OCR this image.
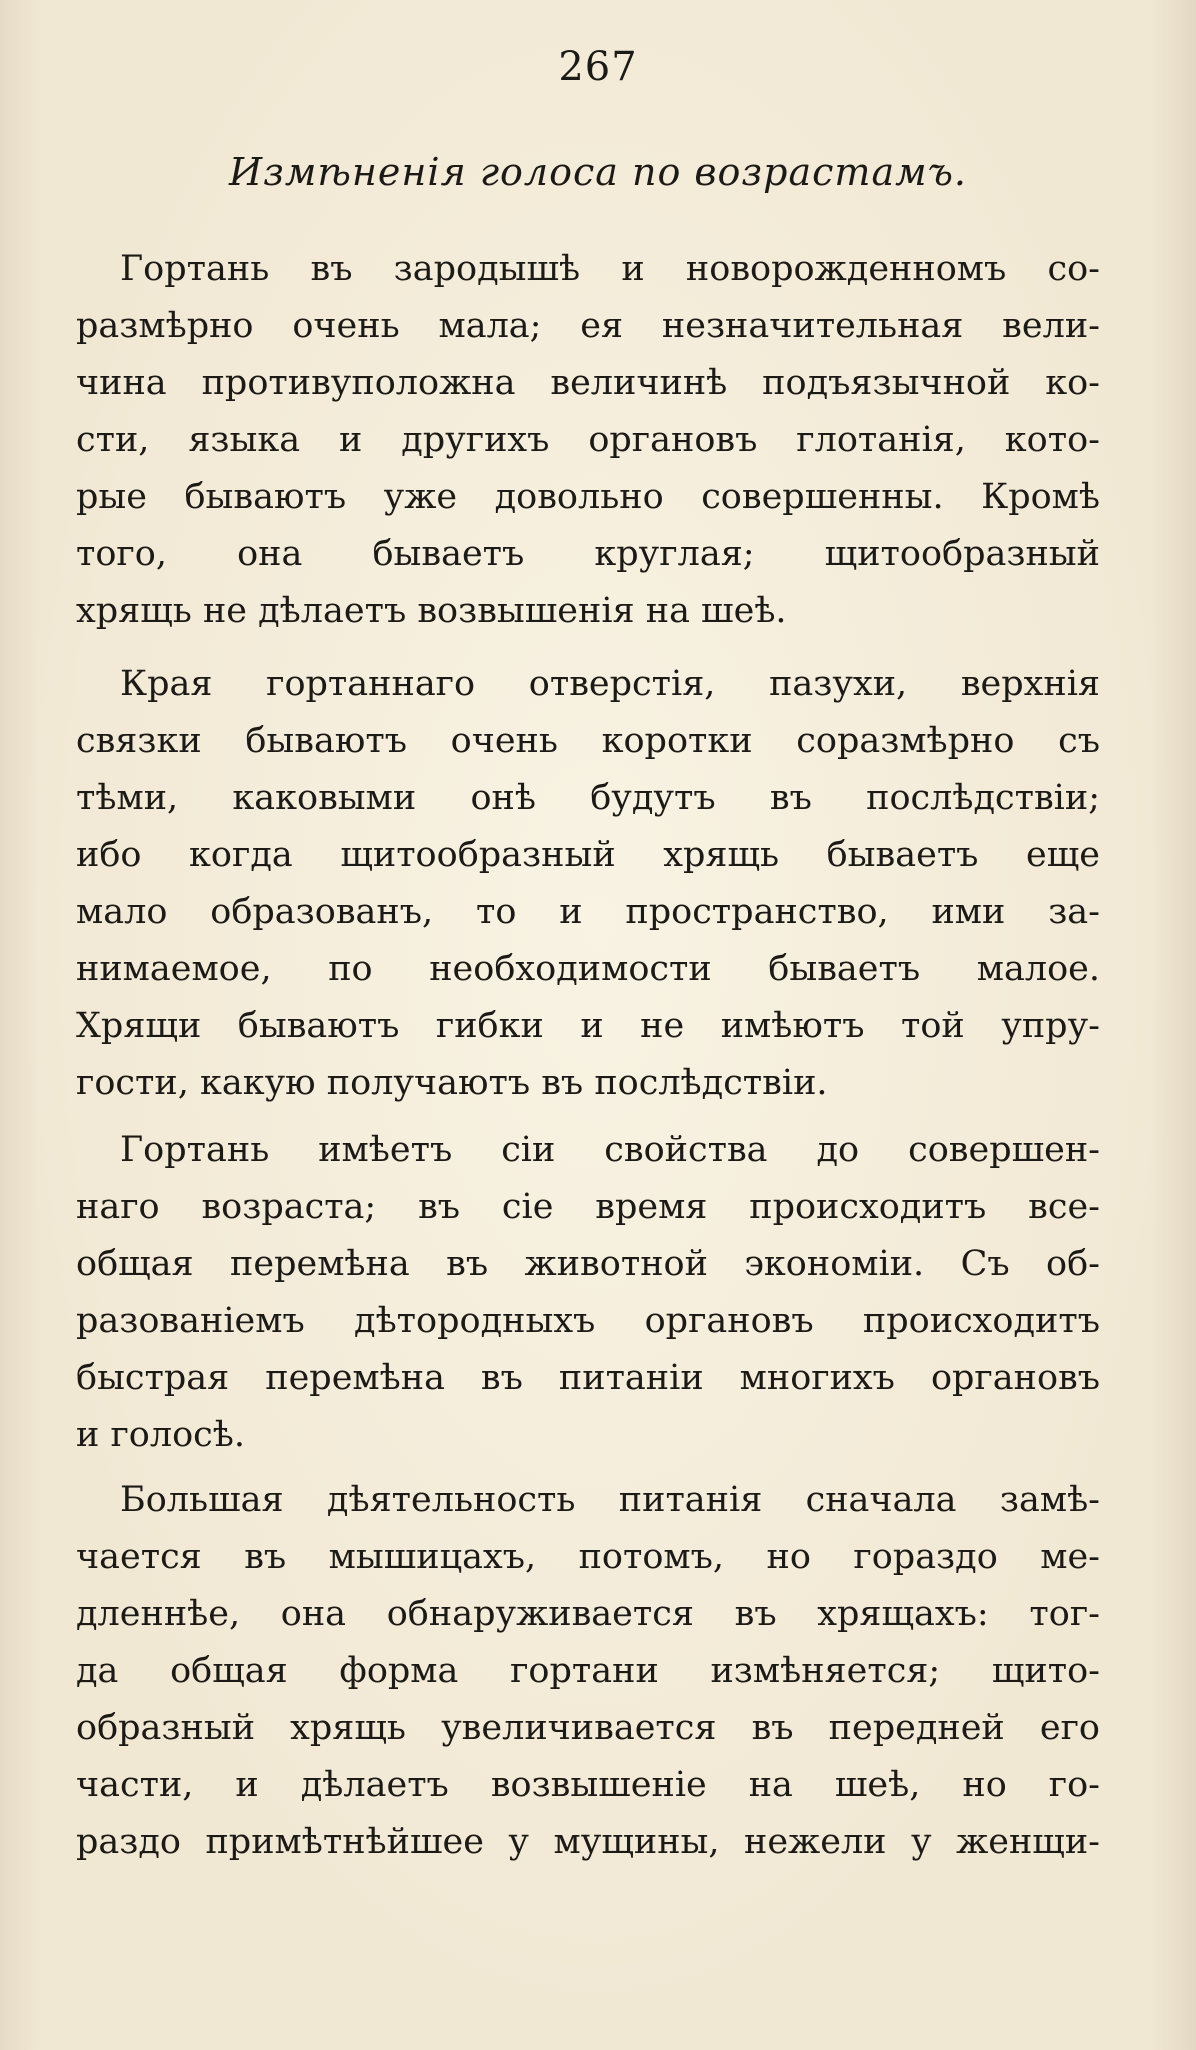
267
Измѣненія голоса по возрастамъ.
Гортань въ зародышѣ и новорожденномъ со-
размѣрно очень мала; ея незначительная вели-
чина противуположна величинѣ подъязычной ко-
сти, языка и другихъ органовъ глотанія, кото-
рые бываютъ уже довольно совершенны. Кромѣ
того, она бываетъ круглая; щитообразный
хрящь не дѣлаетъ возвышенія на шеѣ.
Края гортаннаго отверстія, пазухи, верхнія
связки бываютъ очень коротки соразмѣрно съ
тѣми, каковыми онѣ будутъ въ послѣдствіи;
ибо когда щитообразный хрящь бываетъ еще
мало образованъ, то и пространство, ими за-
нимаемое, по необходимости бываетъ малое.
Хрящи бываютъ гибки и не имѣютъ той упру-
гости, какую получаютъ въ послѣдствіи.
Гортань имѣетъ сіи свойства до совершен-
наго возраста; въ сіе время происходитъ все-
общая перемѣна въ животной экономіи. Съ об-
разованіемъ дѣтородныхъ органовъ происходитъ
быстрая перемѣна въ питаніи многихъ органовъ
и голосѣ.
Большая дѣятельность питанія сначала замѣ-
чается въ мышицахъ, потомъ, но гораздо ме-
дленнѣе, она обнаруживается въ хрящахъ: тог-
да общая форма гортани измѣняется; щито-
образный хрящь увеличивается въ передней его
части, и дѣлаетъ возвышеніе на шеѣ, но го-
раздо примѣтнѣйшее у мущины, нежели у женщи-
